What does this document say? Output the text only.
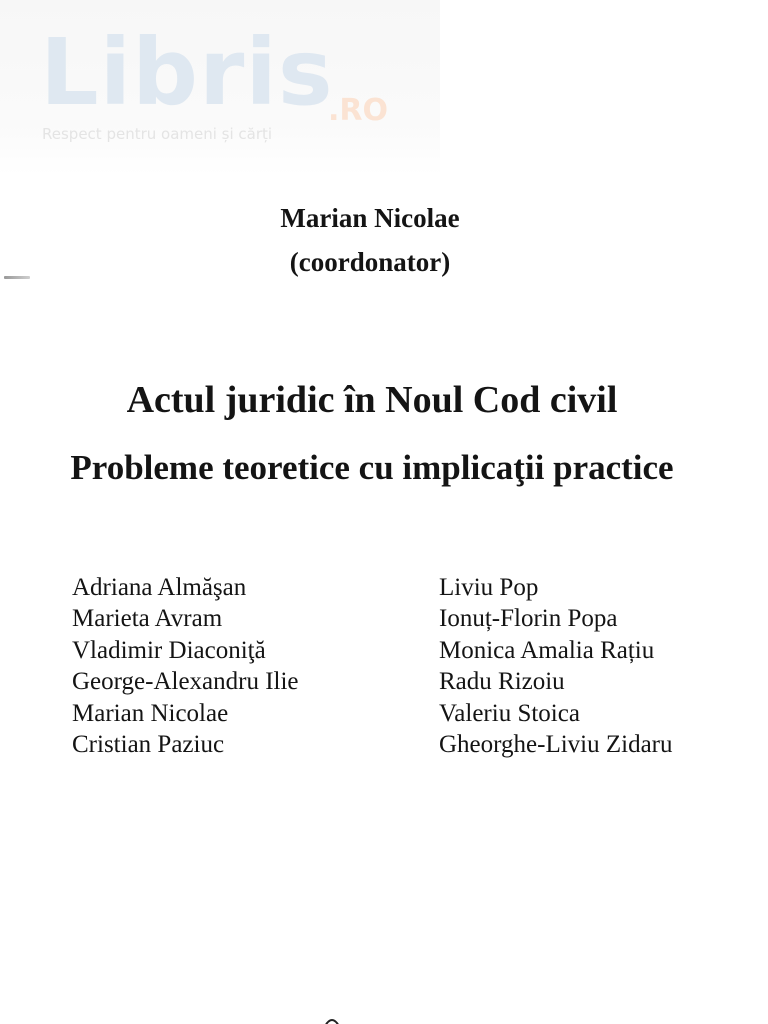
Libris
.RO
Respect pentru oameni și cărți
Marian Nicolae
(coordonator)
Actul juridic în Noul Cod civil
Probleme teoretice cu implicaţii practice
Adriana Almăşan
Marieta Avram
Vladimir Diaconiţă
George-Alexandru Ilie
Marian Nicolae
Cristian Paziuc
Liviu Pop
Ionuț-Florin Popa
Monica Amalia Rațiu
Radu Rizoiu
Valeriu Stoica
Gheorghe-Liviu Zidaru
